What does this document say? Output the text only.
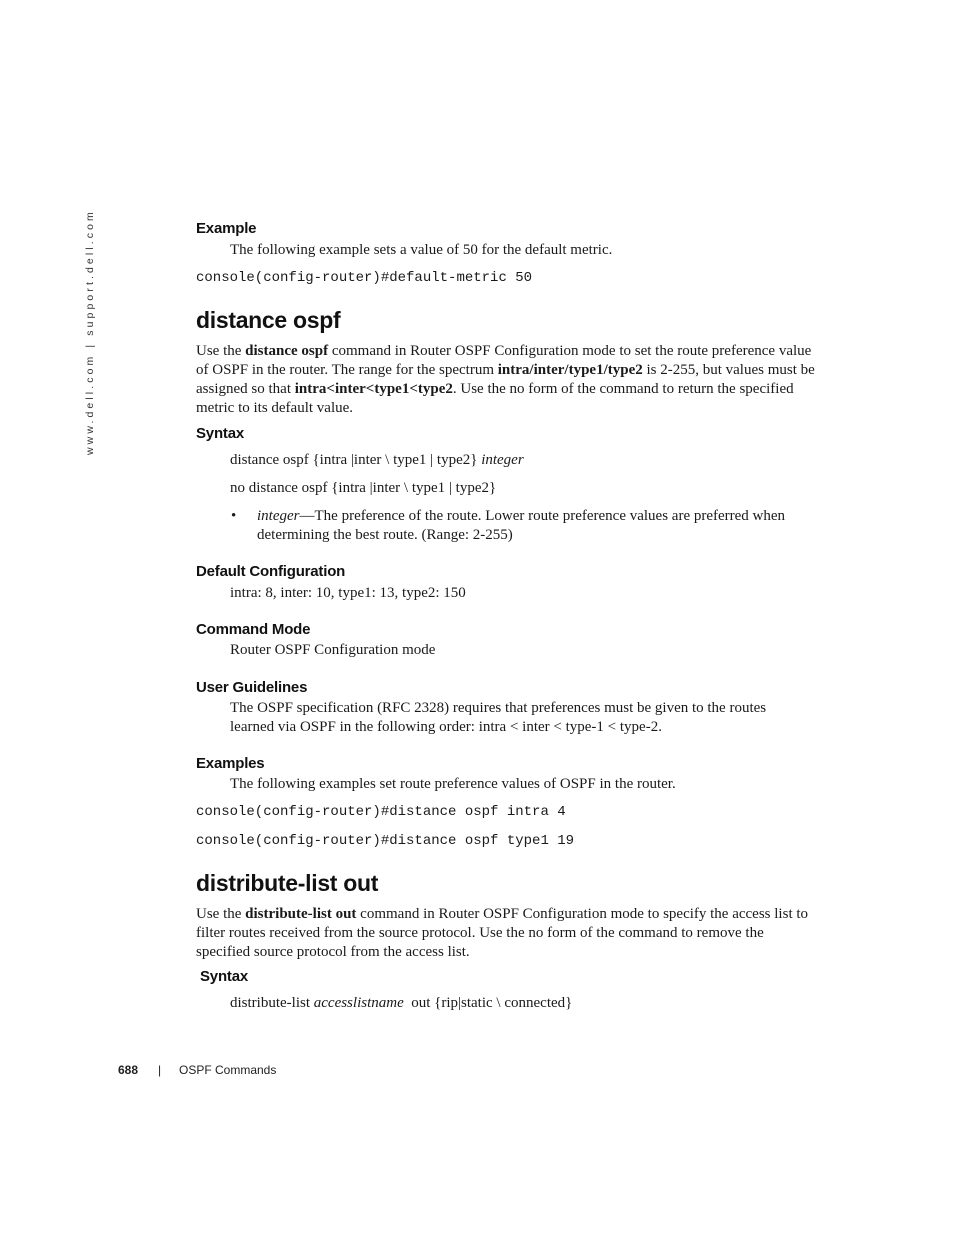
www.dell.com | support.dell.com	Example
The following example sets a value of 50 for the default metric.
console(config-router)#default-metric 50
distance ospf
Use the distance ospf command in Router OSPF Configuration mode to set the route preference value of OSPF in the router. The range for the spectrum intra/inter/type1/type2 is 2-255, but values must be assigned so that intra<inter<type1<type2. Use the no form of the command to return the specified metric to its default value.
Syntax
distance ospf {intra |inter \ type1 | type2} integer
no distance ospf {intra |inter \ type1 | type2}
• integer—The preference of the route. Lower route preference values are preferred when determining the best route. (Range: 2-255)
Default Configuration
intra: 8, inter: 10, type1: 13, type2: 150
Command Mode
Router OSPF Configuration mode
User Guidelines
The OSPF specification (RFC 2328) requires that preferences must be given to the routes learned via OSPF in the following order: intra < inter < type-1 < type-2.
Examples
The following examples set route preference values of OSPF in the router.
console(config-router)#distance ospf intra 4
console(config-router)#distance ospf type1 19
distribute-list out
Use the distribute-list out command in Router OSPF Configuration mode to specify the access list to filter routes received from the source protocol. Use the no form of the command to remove the specified source protocol from the access list.
Syntax
distribute-list accesslistname out {rip|static \ connected}
688 | OSPF Commands
